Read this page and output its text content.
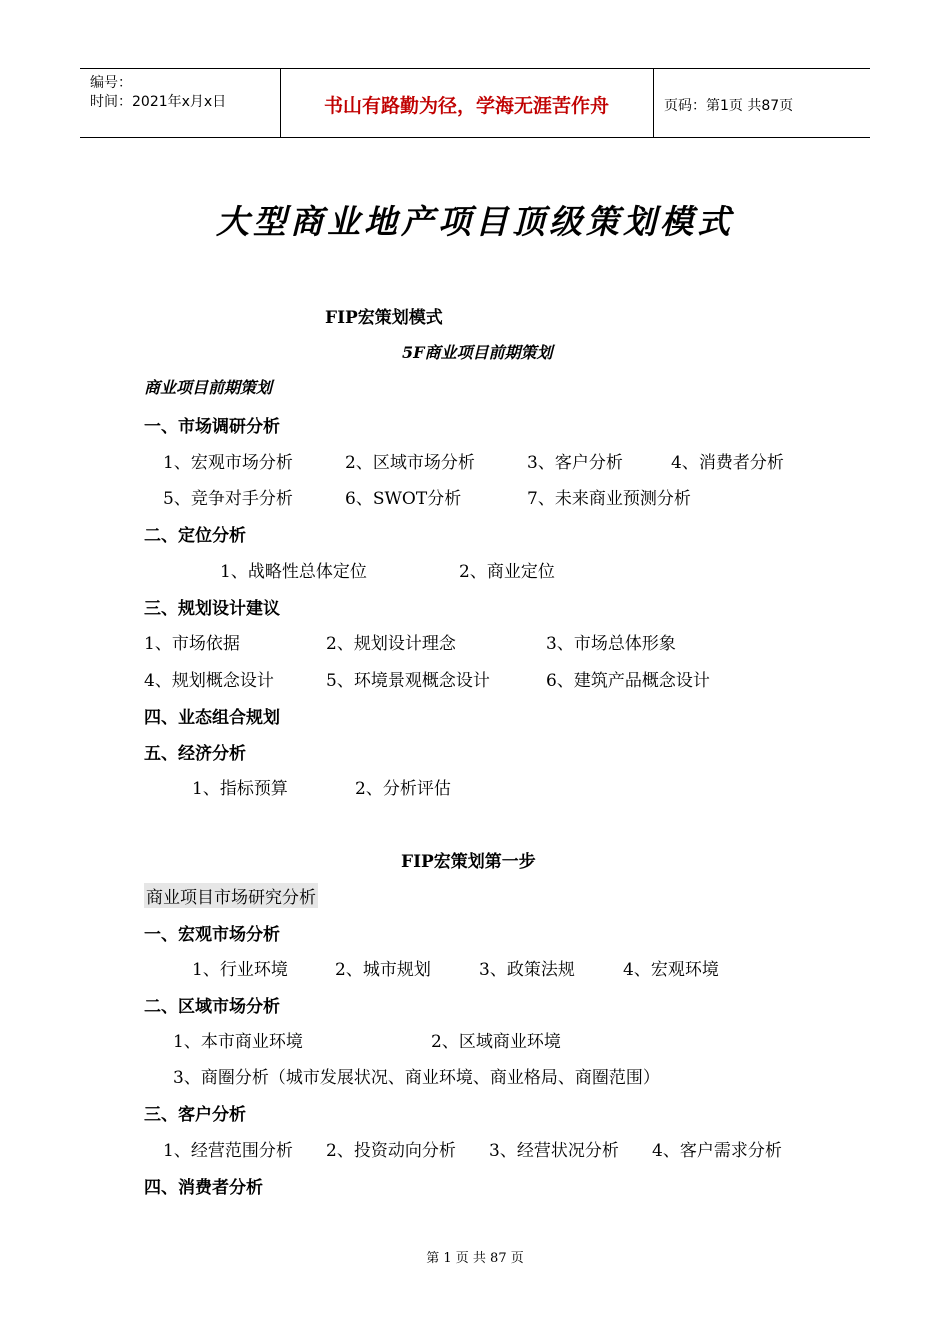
编号：
时间：2021年x月x日	书山有路勤为径，学海无涯苦作舟	页码：第1页 共87页
大型商业地产项目顶级策划模式
FIP宏策划模式
5F商业项目前期策划
商业项目前期策划
一、市场调研分析
1、宏观市场分析	2、区域市场分析	3、客户分析	4、消费者分析
5、竞争对手分析	6、SWOT分析	7、未来商业预测分析
二、定位分析
1、战略性总体定位	2、商业定位
三、规划设计建议
1、市场依据	2、规划设计理念	3、市场总体形象
4、规划概念设计	5、环境景观概念设计	6、建筑产品概念设计
四、业态组合规划
五、经济分析
1、指标预算	2、分析评估
FIP宏策划第一步
商业项目市场研究分析
一、宏观市场分析
1、行业环境	2、城市规划	3、政策法规	4、宏观环境
二、区域市场分析
1、本市商业环境	2、区域商业环境
3、商圈分析（城市发展状况、商业环境、商业格局、商圈范围）
三、客户分析
1、经营范围分析 2、投资动向分析 3、经营状况分析 4、客户需求分析
四、消费者分析
第 1 页 共 87 页
